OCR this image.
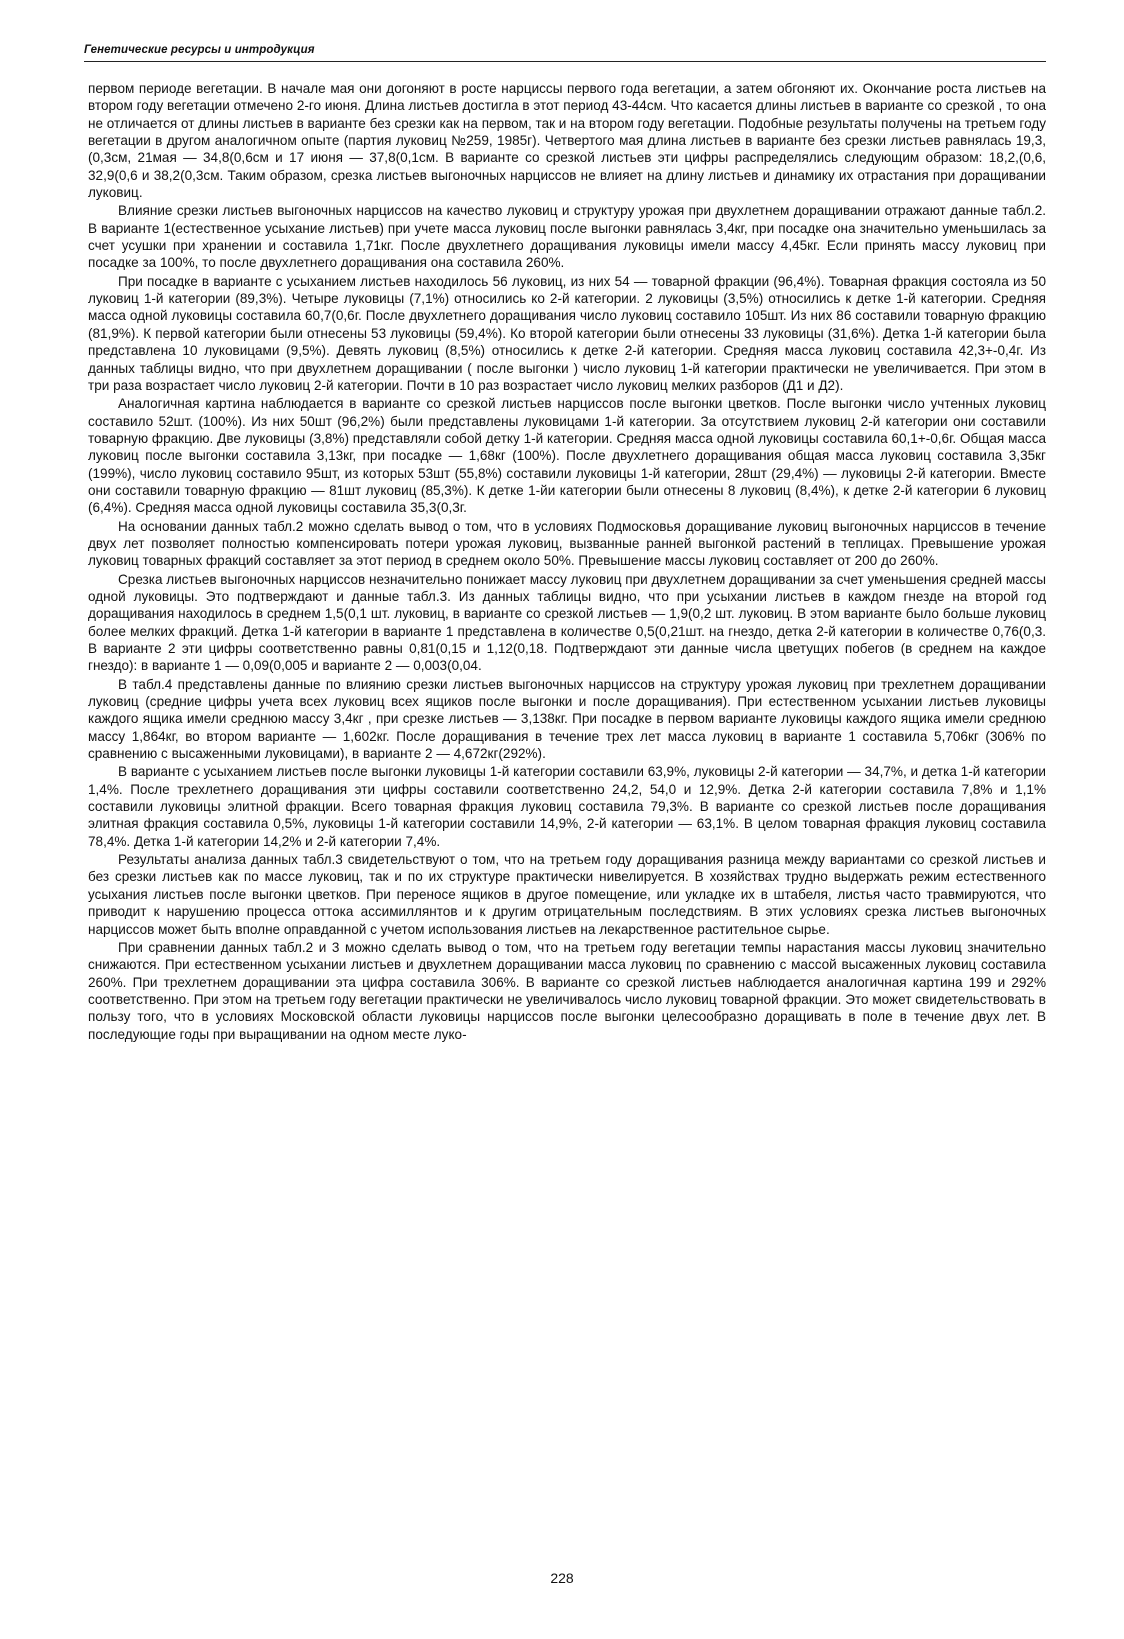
Генетические ресурсы и интродукция

первом периоде вегетации. В начале мая они догоняют в росте нарциссы первого года вегетации, а затем обгоняют их. Окончание роста листьев на втором году вегетации отмечено 2-го июня. Длина листьев достигла в этот период 43-44см. Что касается длины листьев в варианте со срезкой , то она не отличается от длины листьев в варианте без срезки как на первом, так и на втором году вегетации. Подобные результаты получены на третьем году вегетации в другом аналогичном опыте (партия луковиц №259, 1985г). Четвертого мая длина листьев в варианте без срезки листьев равнялась 19,3,(0,3см, 21мая — 34,8(0,6см и 17 июня — 37,8(0,1см. В варианте со срезкой листьев эти цифры распределялись следующим образом: 18,2,(0,6, 32,9(0,6 и 38,2(0,3см. Таким образом, срезка листьев выгоночных нарциссов не влияет на длину листьев и динамику их отрастания при доращивании луковиц.

Влияние срезки листьев выгоночных нарциссов на качество луковиц и структуру урожая при двухлетнем доращивании отражают данные табл.2. В варианте 1(естественное усыхание листьев) при учете масса луковиц после выгонки равнялась 3,4кг, при посадке она значительно уменьшилась за счет усушки при хранении и составила 1,71кг. После двухлетнего доращивания луковицы имели массу 4,45кг. Если принять массу луковиц при посадке за 100%, то после двухлетнего доращивания она составила 260%.

При посадке в варианте с усыханием листьев находилось 56 луковиц, из них 54 — товарной фракции (96,4%). Товарная фракция состояла из 50 луковиц 1-й категории (89,3%). Четыре луковицы (7,1%) относились ко 2-й категории. 2 луковицы (3,5%) относились к детке 1-й категории. Средняя масса одной луковицы составила 60,7(0,6г. После двухлетнего доращивания число луковиц составило 105шт. Из них 86 составили товарную фракцию (81,9%). К первой категории были отнесены 53 луковицы (59,4%). Ко второй категории были отнесены 33 луковицы (31,6%). Детка 1-й категории была представлена 10 луковицами (9,5%). Девять луковиц (8,5%) относились к детке 2-й категории. Средняя масса луковиц составила 42,3+-0,4г. Из данных таблицы видно, что при двухлетнем доращивании ( после выгонки ) число луковиц 1-й категории практически не увеличивается. При этом в три раза возрастает число луковиц 2-й категории. Почти в 10 раз возрастает число луковиц мелких разборов (Д1 и Д2).

Аналогичная картина наблюдается в варианте со срезкой листьев нарциссов после выгонки цветков. После выгонки число учтенных луковиц составило 52шт. (100%). Из них 50шт (96,2%) были представлены луковицами 1-й категории. За отсутствием луковиц 2-й категории они составили товарную фракцию. Две луковицы (3,8%) представляли собой детку 1-й категории. Средняя масса одной луковицы составила 60,1+-0,6г. Общая масса луковиц после выгонки составила 3,13кг, при посадке — 1,68кг (100%). После двухлетнего доращивания общая масса луковиц составила 3,35кг (199%), число луковиц составило 95шт, из которых 53шт (55,8%) составили луковицы 1-й категории, 28шт (29,4%) — луковицы 2-й категории. Вместе они составили товарную фракцию — 81шт луковиц (85,3%). К детке 1-йи категории были отнесены 8 луковиц (8,4%), к детке 2-й категории 6 луковиц (6,4%). Средняя масса одной луковицы составила 35,3(0,3г.

На основании данных табл.2 можно сделать вывод о том, что в условиях Подмосковья доращивание луковиц выгоночных нарциссов в течение двух лет позволяет полностью компенсировать потери урожая луковиц, вызванные ранней выгонкой растений в теплицах. Превышение урожая луковиц товарных фракций составляет за этот период в среднем около 50%. Превышение массы луковиц составляет от 200 до 260%.

Срезка листьев выгоночных нарциссов незначительно понижает массу луковиц при двухлетнем доращивании за счет уменьшения средней массы одной луковицы. Это подтверждают и данные табл.3. Из данных таблицы видно, что при усыхании листьев в каждом гнезде на второй год доращивания находилось в среднем 1,5(0,1 шт. луковиц, в варианте со срезкой листьев — 1,9(0,2 шт. луковиц. В этом варианте было больше луковиц более мелких фракций. Детка 1-й категории в варианте 1 представлена в количестве 0,5(0,21шт. на гнездо, детка 2-й категории в количестве 0,76(0,3. В варианте 2 эти цифры соответственно равны 0,81(0,15 и 1,12(0,18. Подтверждают эти данные числа цветущих побегов (в среднем на каждое гнездо): в варианте 1 — 0,09(0,005 и варианте 2 — 0,003(0,04.

В табл.4 представлены данные по влиянию срезки листьев выгоночных нарциссов на структуру урожая луковиц при трехлетнем доращивании луковиц (средние цифры учета всех луковиц всех ящиков после выгонки и после доращивания). При естественном усыхании листьев луковицы каждого ящика имели среднюю массу 3,4кг , при срезке листьев — 3,138кг. При посадке в первом варианте луковицы каждого ящика имели среднюю массу 1,864кг, во втором варианте — 1,602кг. После доращивания в течение трех лет масса луковиц в варианте 1 составила 5,706кг (306% по сравнению с высаженными луковицами), в варианте 2 — 4,672кг(292%).

В варианте с усыханием листьев после выгонки луковицы 1-й категории составили 63,9%, луковицы 2-й категории — 34,7%, и детка 1-й категории 1,4%. После трехлетнего доращивания эти цифры составили соответственно 24,2, 54,0 и 12,9%. Детка 2-й категории составила 7,8% и 1,1% составили луковицы элитной фракции. Всего товарная фракция луковиц составила 79,3%. В варианте со срезкой листьев после доращивания элитная фракция составила 0,5%, луковицы 1-й категории составили 14,9%, 2-й категории — 63,1%. В целом товарная фракция луковиц составила 78,4%. Детка 1-й категории 14,2% и 2-й категории 7,4%.

Результаты анализа данных табл.3 свидетельствуют о том, что на третьем году доращивания разница между вариантами со срезкой листьев и без срезки листьев как по массе луковиц, так и по их структуре практически нивелируется. В хозяйствах трудно выдержать режим естественного усыхания листьев после выгонки цветков. При переносе ящиков в другое помещение, или укладке их в штабеля, листья часто травмируются, что приводит к нарушению процесса оттока ассимиллянтов и к другим отрицательным последствиям. В этих условиях срезка листьев выгоночных нарциссов может быть вполне оправданной с учетом использования листьев на лекарственное растительное сырье.

При сравнении данных табл.2 и 3 можно сделать вывод о том, что на третьем году вегетации темпы нарастания массы луковиц значительно снижаются. При естественном усыхании листьев и двухлетнем доращивании масса луковиц по сравнению с массой высаженных луковиц составила 260%. При трехлетнем доращивании эта цифра составила 306%. В варианте со срезкой листьев наблюдается аналогичная картина 199 и 292% соответственно. При этом на третьем году вегетации практически не увеличивалось число луковиц товарной фракции. Это может свидетельствовать в пользу того, что в условиях Московской области луковицы нарциссов после выгонки целесообразно доращивать в поле в течение двух лет. В последующие годы при выращивании на одном месте луко-

228
